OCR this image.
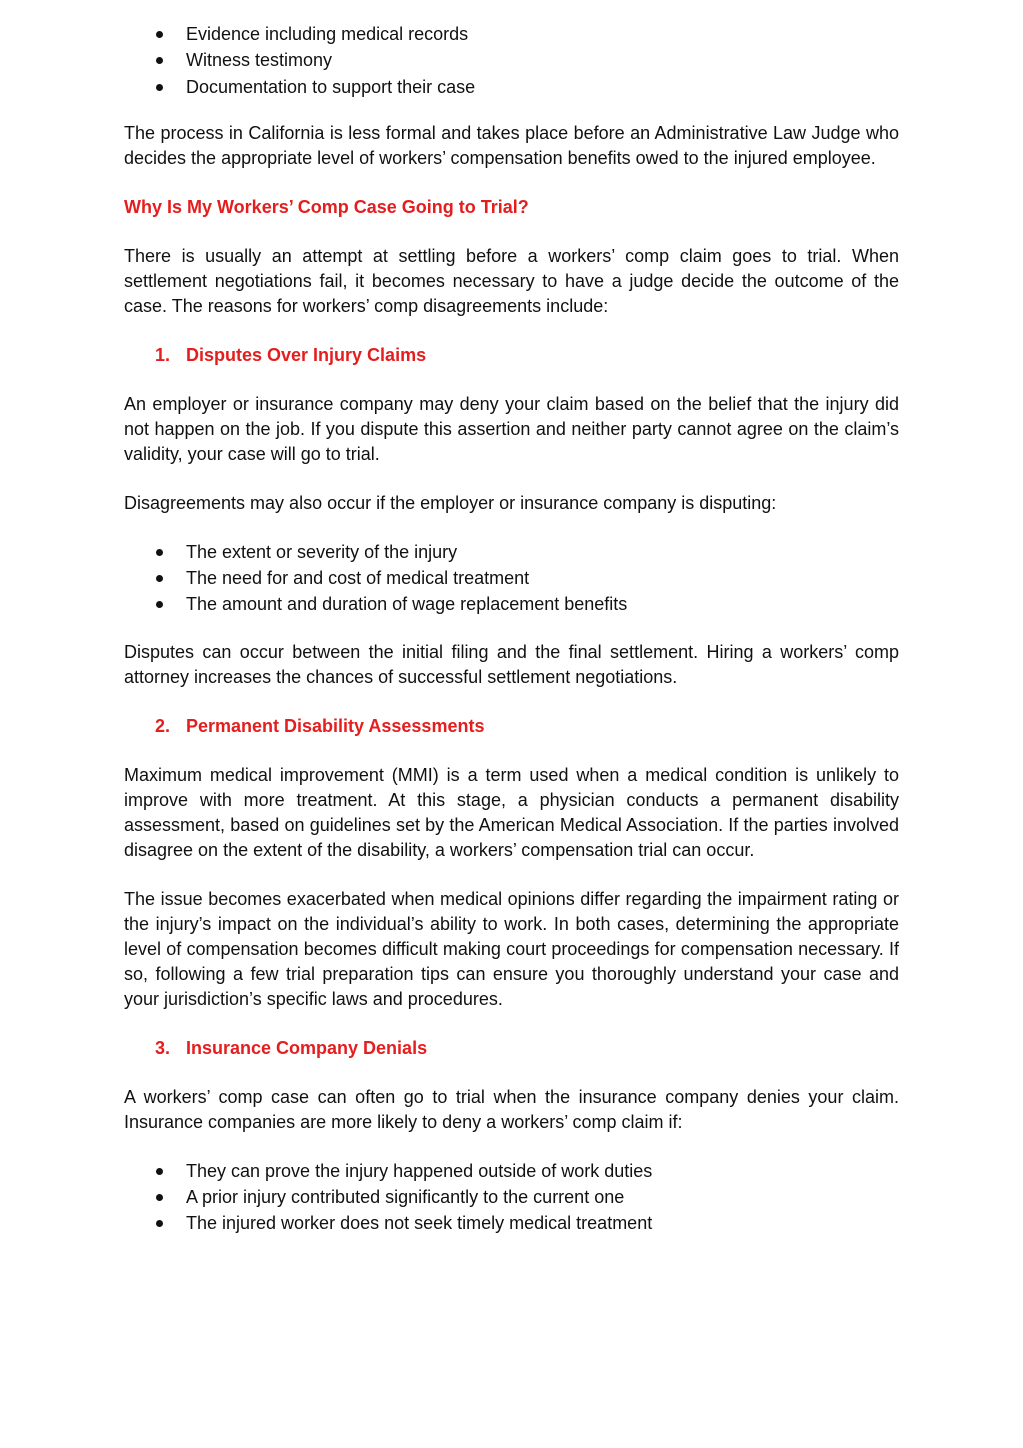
Evidence including medical records
Witness testimony
Documentation to support their case

The process in California is less formal and takes place before an Administrative Law Judge who decides the appropriate level of workers’ compensation benefits owed to the injured employee.

Why Is My Workers’ Comp Case Going to Trial?

There is usually an attempt at settling before a workers’ comp claim goes to trial. When settlement negotiations fail, it becomes necessary to have a judge decide the outcome of the case. The reasons for workers’ comp disagreements include:

1. Disputes Over Injury Claims

An employer or insurance company may deny your claim based on the belief that the injury did not happen on the job. If you dispute this assertion and neither party cannot agree on the claim’s validity, your case will go to trial.

Disagreements may also occur if the employer or insurance company is disputing:

The extent or severity of the injury
The need for and cost of medical treatment
The amount and duration of wage replacement benefits

Disputes can occur between the initial filing and the final settlement. Hiring a workers’ comp attorney increases the chances of successful settlement negotiations.

2. Permanent Disability Assessments

Maximum medical improvement (MMI) is a term used when a medical condition is unlikely to improve with more treatment. At this stage, a physician conducts a permanent disability assessment, based on guidelines set by the American Medical Association. If the parties involved disagree on the extent of the disability, a workers’ compensation trial can occur.

The issue becomes exacerbated when medical opinions differ regarding the impairment rating or the injury’s impact on the individual’s ability to work. In both cases, determining the appropriate level of compensation becomes difficult making court proceedings for compensation necessary. If so, following a few trial preparation tips can ensure you thoroughly understand your case and your jurisdiction’s specific laws and procedures.

3. Insurance Company Denials

A workers’ comp case can often go to trial when the insurance company denies your claim. Insurance companies are more likely to deny a workers’ comp claim if:

They can prove the injury happened outside of work duties
A prior injury contributed significantly to the current one
The injured worker does not seek timely medical treatment
